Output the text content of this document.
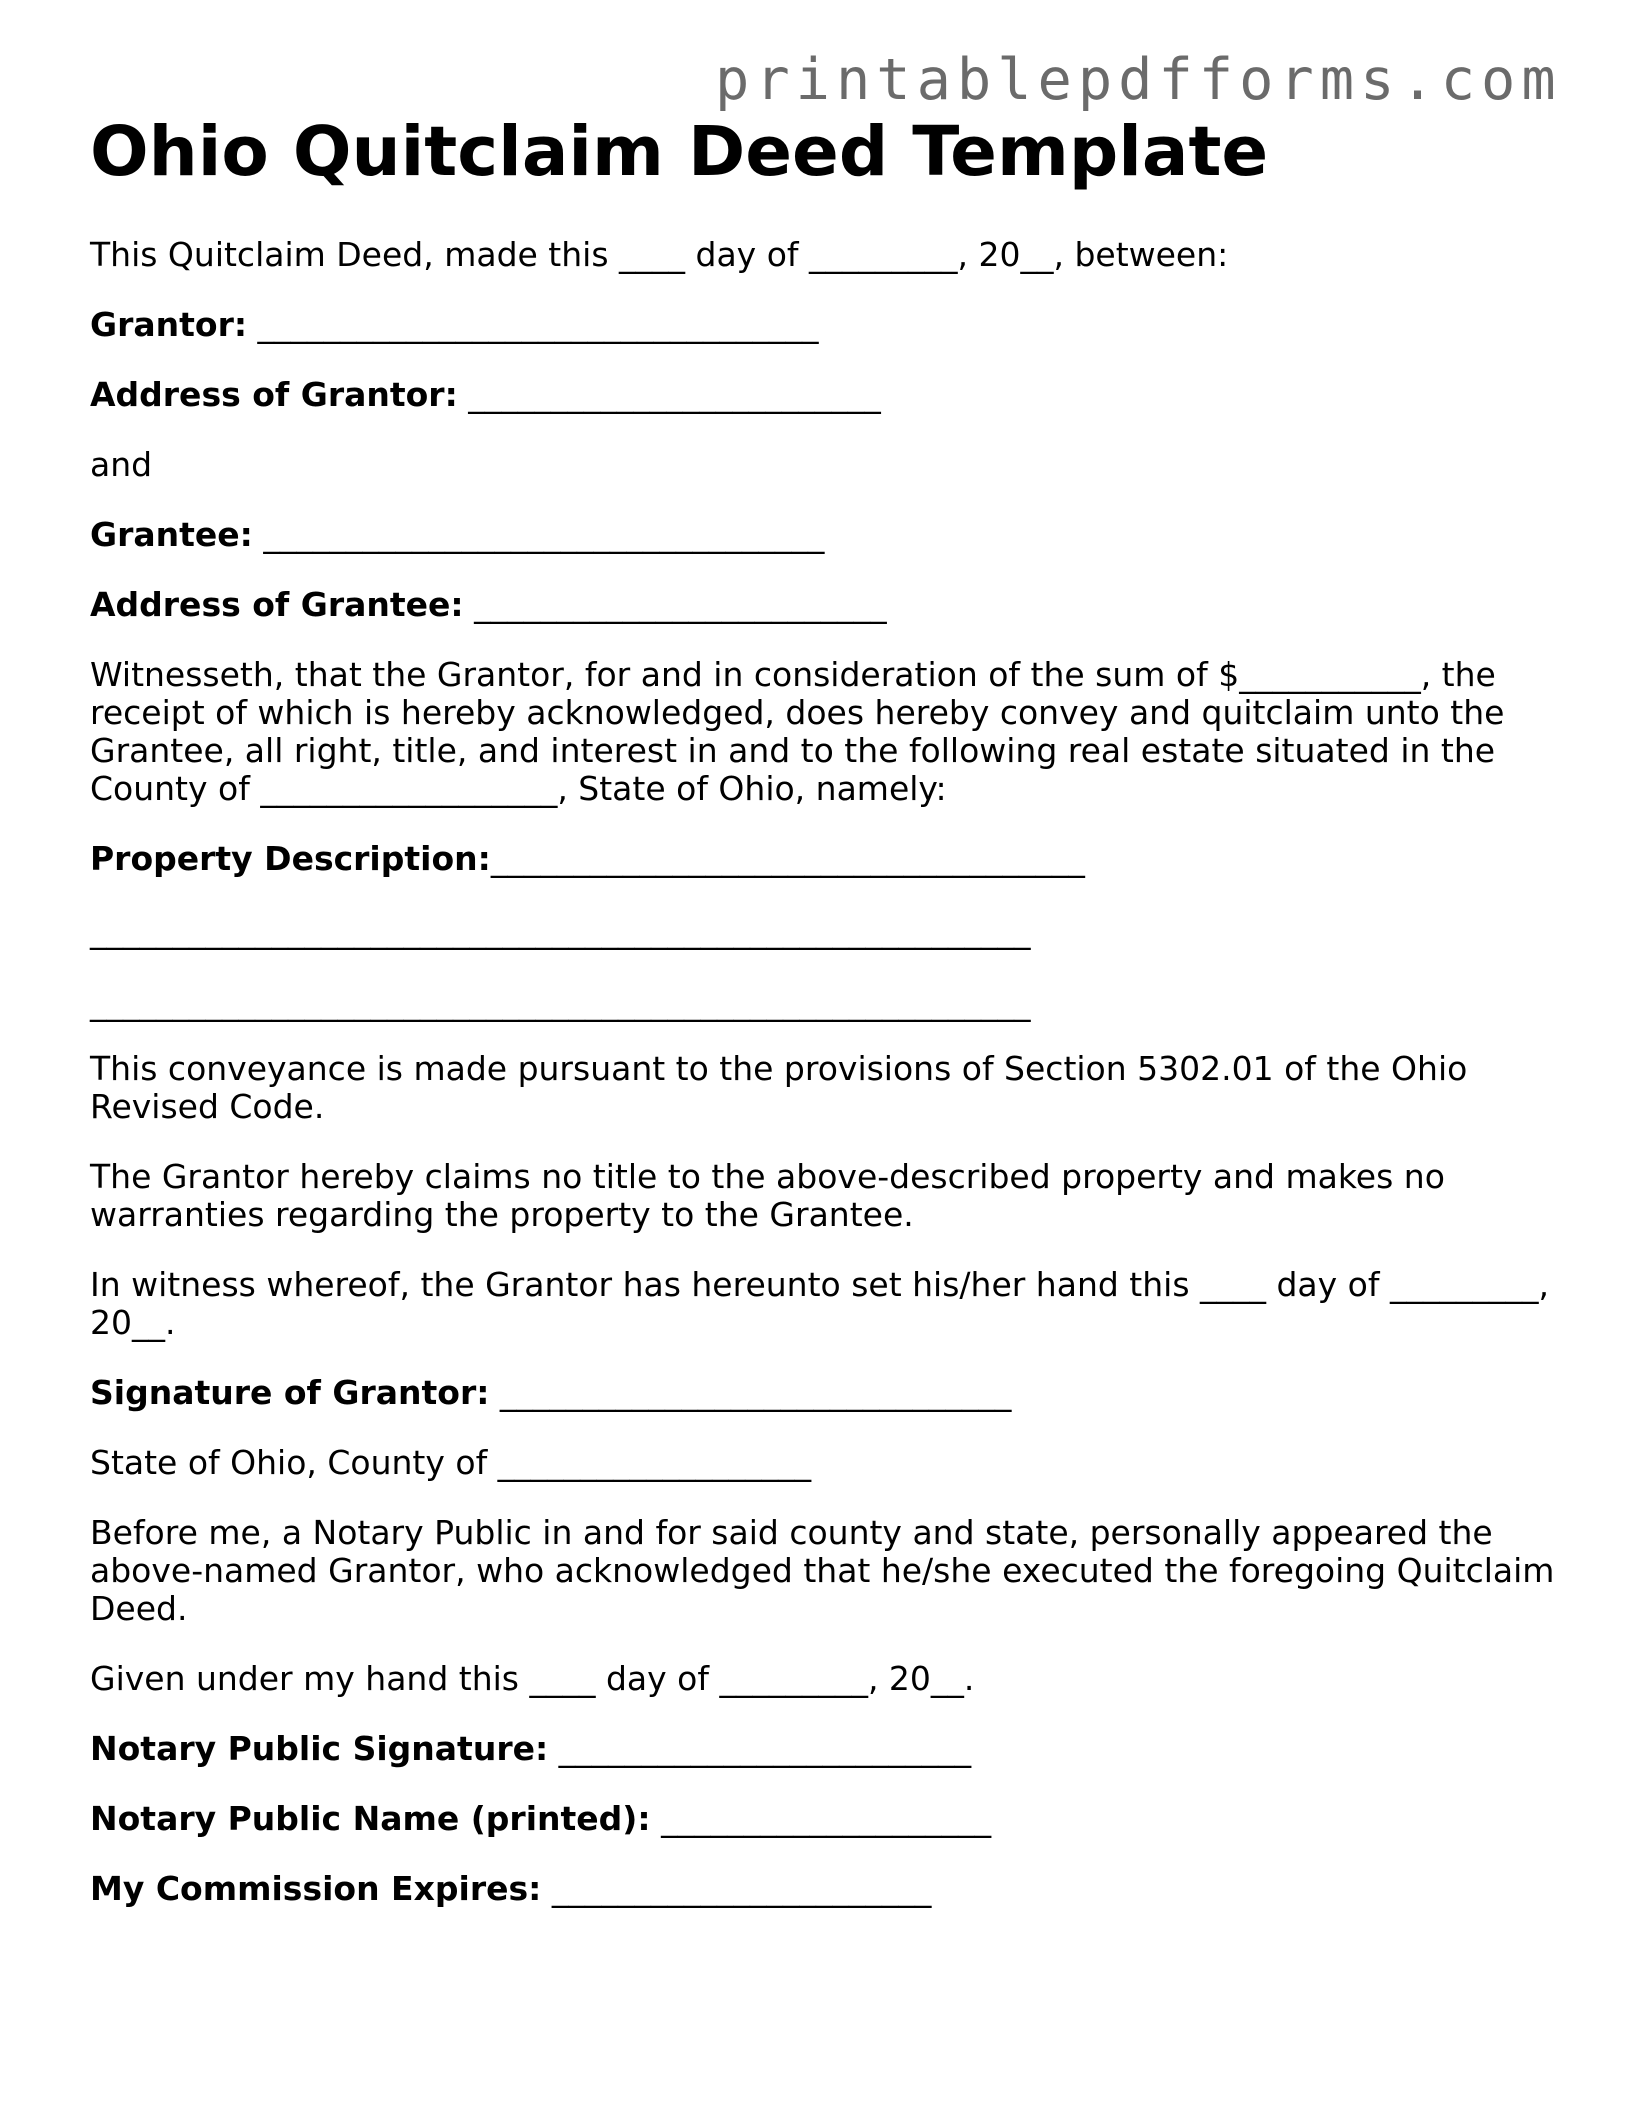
printablepdfforms.com
Ohio Quitclaim Deed Template
This Quitclaim Deed, made this ____ day of _________, 20__, between:
Grantor: __________________________________
Address of Grantor: _________________________
and
Grantee: __________________________________
Address of Grantee: _________________________
Witnesseth, that the Grantor, for and in consideration of the sum of $___________, the
receipt of which is hereby acknowledged, does hereby convey and quitclaim unto the
Grantee, all right, title, and interest in and to the following real estate situated in the
County of __________________, State of Ohio, namely:
Property Description:____________________________________
_________________________________________________________
_________________________________________________________
This conveyance is made pursuant to the provisions of Section 5302.01 of the Ohio
Revised Code.
The Grantor hereby claims no title to the above-described property and makes no
warranties regarding the property to the Grantee.
In witness whereof, the Grantor has hereunto set his/her hand this ____ day of _________,
20__.
Signature of Grantor: _______________________________
State of Ohio, County of ___________________
Before me, a Notary Public in and for said county and state, personally appeared the
above-named Grantor, who acknowledged that he/she executed the foregoing Quitclaim
Deed.
Given under my hand this ____ day of _________, 20__.
Notary Public Signature: _________________________
Notary Public Name (printed): ____________________
My Commission Expires: _______________________
